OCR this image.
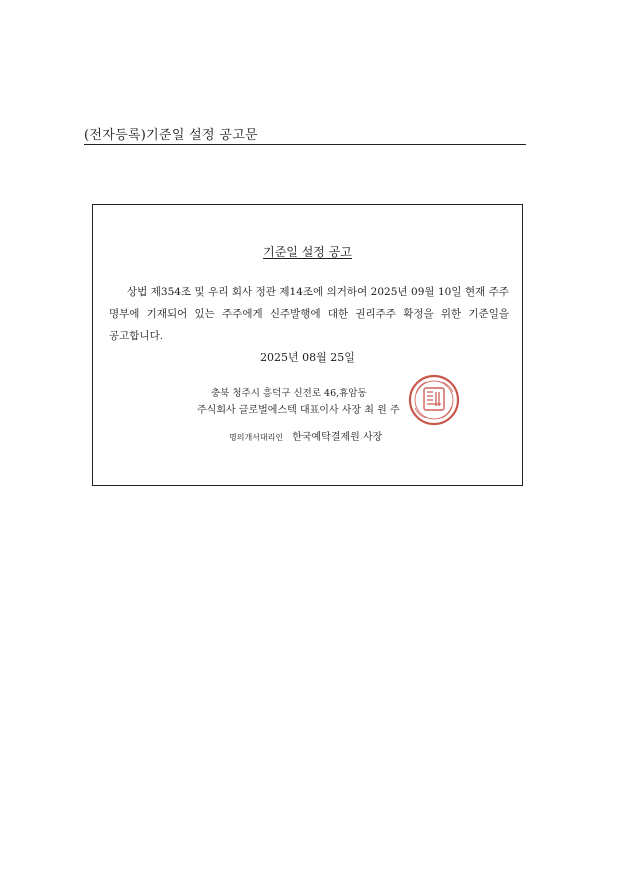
(전자등록)기준일 설정 공고문
기준일 설정 공고
상법 제354조 및 우리 회사 정관 제14조에 의거하여 2025년 09월 10일 현재 주주
명부에 기재되어 있는 주주에게 신주발행에 대한 권리주주 확정을 위한 기준일을
공고합니다.
2025년 08월 25일
충북 청주시 흥덕구 신전로 46,휴암동
주식회사 글로벌에스텍 대표이사 사장 최 원 주
명의개서대리인 한국예탁결제원 사장
